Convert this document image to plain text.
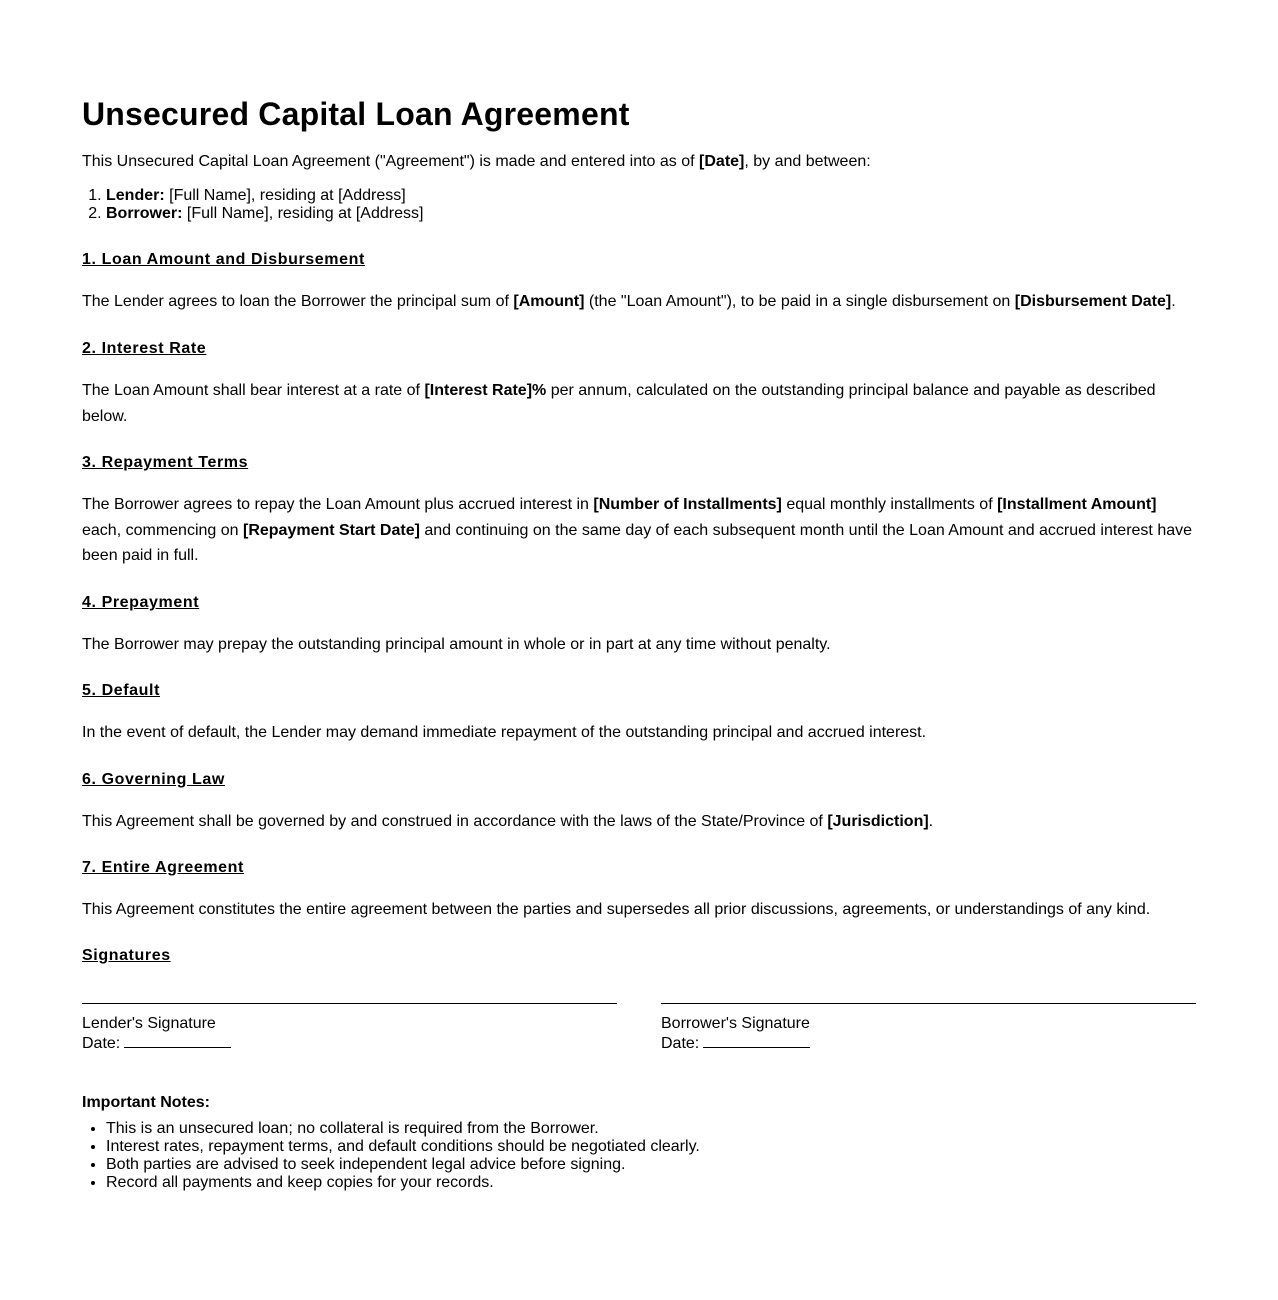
Unsecured Capital Loan Agreement

This Unsecured Capital Loan Agreement ("Agreement") is made and entered into as of [Date], by and between:

1. Lender: [Full Name], residing at [Address]
2. Borrower: [Full Name], residing at [Address]
1. Loan Amount and Disbursement

The Lender agrees to loan the Borrower the principal sum of [Amount] (the "Loan Amount"), to be paid in a single disbursement on [Disbursement Date].

2. Interest Rate

The Loan Amount shall bear interest at a rate of [Interest Rate]% per annum, calculated on the outstanding principal balance and payable as described below.

3. Repayment Terms

The Borrower agrees to repay the Loan Amount plus accrued interest in [Number of Installments] equal monthly installments of [Installment Amount] each, commencing on [Repayment Start Date] and continuing on the same day of each subsequent month until the Loan Amount and accrued interest have been paid in full.

4. Prepayment

The Borrower may prepay the outstanding principal amount in whole or in part at any time without penalty.

5. Default

In the event of default, the Lender may demand immediate repayment of the outstanding principal and accrued interest.

6. Governing Law

This Agreement shall be governed by and construed in accordance with the laws of the State/Province of [Jurisdiction].

7. Entire Agreement

This Agreement constitutes the entire agreement between the parties and supersedes all prior discussions, agreements, or understandings of any kind.

Signatures
Lender's Signature
Date:
Borrower's Signature
Date:
Important Notes:
• This is an unsecured loan; no collateral is required from the Borrower.
• Interest rates, repayment terms, and default conditions should be negotiated clearly.
• Both parties are advised to seek independent legal advice before signing.
• Record all payments and keep copies for your records.
